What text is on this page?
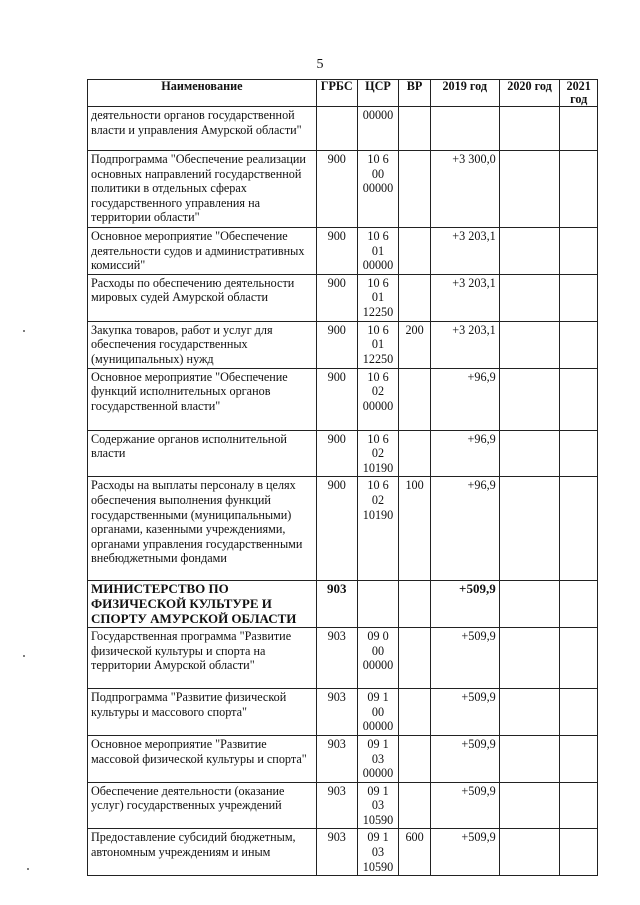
5
Наименование	ГРБС	ЦСР	ВР	2019 год	2020 год	2021 год
деятельности органов государственной власти и управления Амурской области"		00000				
Подпрограмма "Обеспечение реализации основных направлений государственной политики в отдельных сферах государственного управления на территории области"	900	10 6 00 00000		+3 300,0		
Основное мероприятие "Обеспечение деятельности судов и административных комиссий"	900	10 6 01 00000		+3 203,1		
Расходы по обеспечению деятельности мировых судей Амурской области	900	10 6 01 12250		+3 203,1		
Закупка товаров, работ и услуг для обеспечения государственных (муниципальных) нужд	900	10 6 01 12250	200	+3 203,1		
Основное мероприятие "Обеспечение функций исполнительных органов государственной власти"	900	10 6 02 00000		+96,9		
Содержание органов исполнительной власти	900	10 6 02 10190		+96,9		
Расходы на выплаты персоналу в целях обеспечения выполнения функций государственными (муниципальными) органами, казенными учреждениями, органами управления государственными внебюджетными фондами	900	10 6 02 10190	100	+96,9		
МИНИСТЕРСТВО ПО ФИЗИЧЕСКОЙ КУЛЬТУРЕ И СПОРТУ АМУРСКОЙ ОБЛАСТИ	903			+509,9		
Государственная программа "Развитие физической культуры и спорта на территории Амурской области"	903	09 0 00 00000		+509,9		
Подпрограмма "Развитие физической культуры и массового спорта"	903	09 1 00 00000		+509,9		
Основное мероприятие "Развитие массовой физической культуры и спорта"	903	09 1 03 00000		+509,9		
Обеспечение деятельности (оказание услуг) государственных учреждений	903	09 1 03 10590		+509,9		
Предоставление субсидий бюджетным, автономным учреждениям и иным	903	09 1 03 10590	600	+509,9		
